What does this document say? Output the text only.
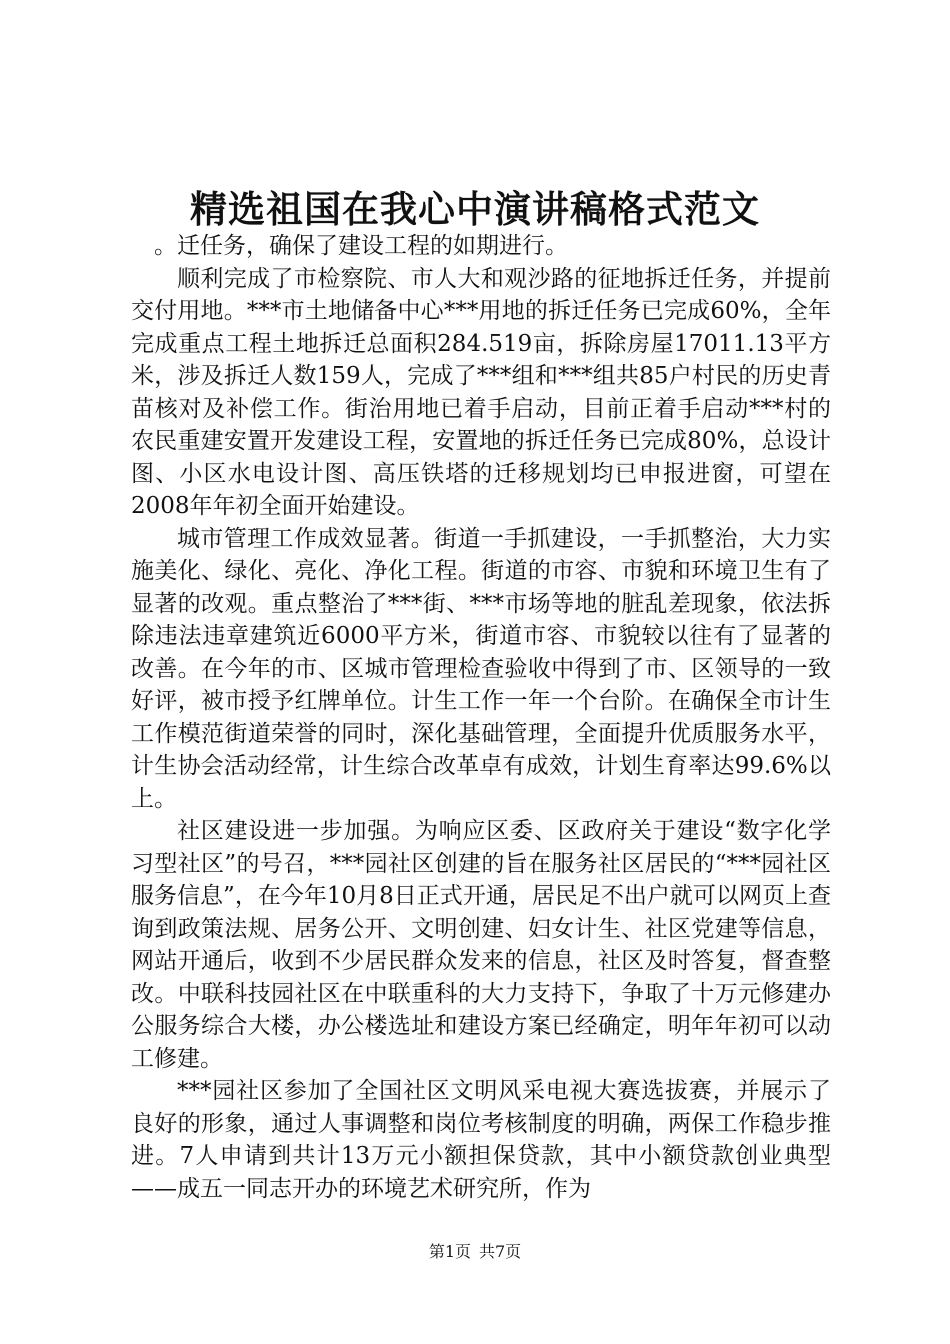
精选祖国在我心中演讲稿格式范文

。迁任务，确保了建设工程的如期进行。

顺利完成了市检察院、市人大和观沙路的征地拆迁任务，并提前交付用地。***市土地储备中心***用地的拆迁任务已完成60%，全年完成重点工程土地拆迁总面积284.519亩，拆除房屋17011.13平方米，涉及拆迁人数159人，完成了***组和***组共85户村民的历史青苗核对及补偿工作。街治用地已着手启动，目前正着手启动***村的农民重建安置开发建设工程，安置地的拆迁任务已完成80%，总设计图、小区水电设计图、高压铁塔的迁移规划均已申报进窗，可望在2008年年初全面开始建设。

城市管理工作成效显著。街道一手抓建设，一手抓整治，大力实施美化、绿化、亮化、净化工程。街道的市容、市貌和环境卫生有了显著的改观。重点整治了***街、***市场等地的脏乱差现象，依法拆除违法违章建筑近6000平方米，街道市容、市貌较以往有了显著的改善。在今年的市、区城市管理检查验收中得到了市、区领导的一致好评，被市授予红牌单位。计生工作一年一个台阶。在确保全市计生工作模范街道荣誉的同时，深化基础管理，全面提升优质服务水平，计生协会活动经常，计生综合改革卓有成效，计划生育率达99.6%以上。

社区建设进一步加强。为响应区委、区政府关于建设“数字化学习型社区”的号召，***园社区创建的旨在服务社区居民的“***园社区服务信息”，在今年10月8日正式开通，居民足不出户就可以网页上查询到政策法规、居务公开、文明创建、妇女计生、社区党建等信息，网站开通后，收到不少居民群众发来的信息，社区及时答复，督查整改。中联科技园社区在中联重科的大力支持下，争取了十万元修建办公服务综合大楼，办公楼选址和建设方案已经确定，明年年初可以动工修建。

***园社区参加了全国社区文明风采电视大赛选拔赛，并展示了良好的形象，通过人事调整和岗位考核制度的明确，两保工作稳步推进。7人申请到共计13万元小额担保贷款，其中小额贷款创业典型——成五一同志开办的环境艺术研究所，作为

第1页 共7页
